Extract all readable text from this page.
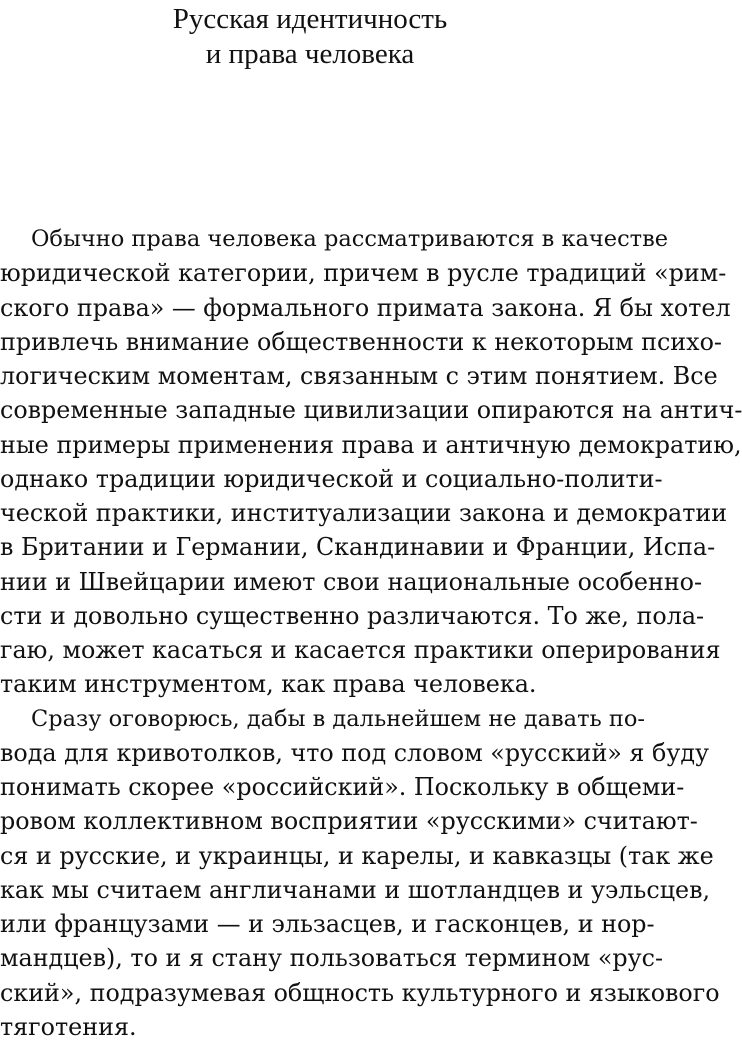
Русская идентичность
и права человека
Обычно права человека рассматриваются в качестве
юридической категории, причем в русле традиций «рим-
ского права» — формального примата закона. Я бы хотел
привлечь внимание общественности к некоторым психо-
логическим моментам, связанным с этим понятием. Все
современные западные цивилизации опираются на антич-
ные примеры применения права и античную демократию,
однако традиции юридической и социально-полити-
ческой практики, институализации закона и демократии
в Британии и Германии, Скандинавии и Франции, Испа-
нии и Швейцарии имеют свои национальные особенно-
сти и довольно существенно различаются. То же, пола-
гаю, может касаться и касается практики оперирования
таким инструментом, как права человека.
Сразу оговорюсь, дабы в дальнейшем не давать по-
вода для кривотолков, что под словом «русский» я буду
понимать скорее «российский». Поскольку в общеми-
ровом коллективном восприятии «русскими» считают-
ся и русские, и украинцы, и карелы, и кавказцы (так же
как мы считаем англичанами и шотландцев и уэльсцев,
или французами — и эльзасцев, и гасконцев, и нор-
мандцев), то и я стану пользоваться термином «рус-
ский», подразумевая общность культурного и языкового
тяготения.
